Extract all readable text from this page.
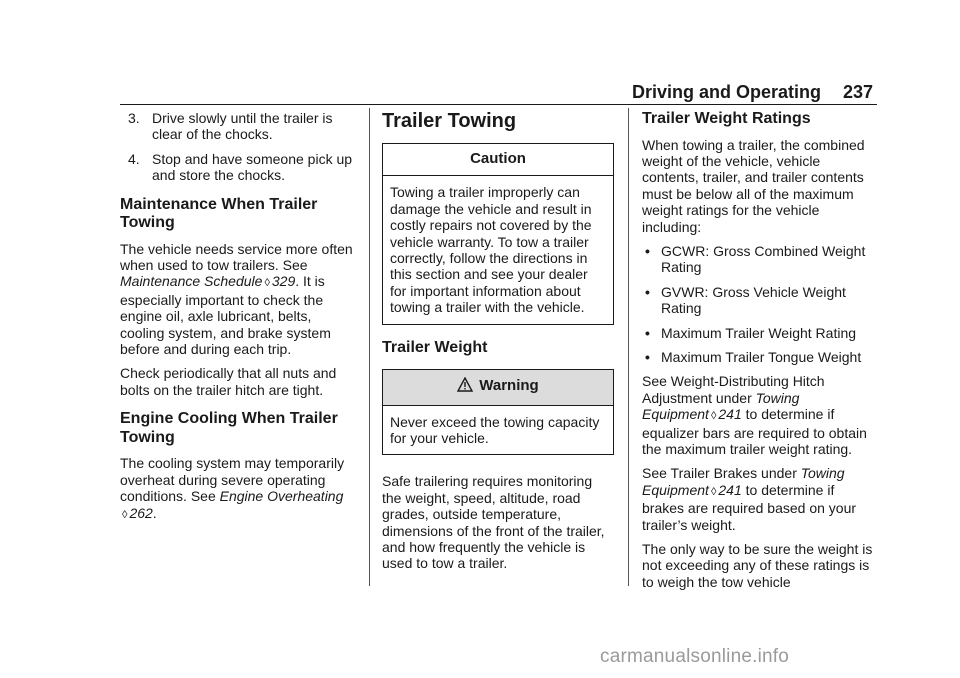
Driving and Operating 237
3. Drive slowly until the trailer is clear of the chocks.
4. Stop and have someone pick up and store the chocks.
Maintenance When Trailer Towing

The vehicle needs service more often when used to tow trailers. See Maintenance Schedule ◊ 329. It is especially important to check the engine oil, axle lubricant, belts, cooling system, and brake system before and during each trip.

Check periodically that all nuts and bolts on the trailer hitch are tight.

Engine Cooling When Trailer Towing

The cooling system may temporarily overheat during severe operating conditions. See Engine Overheating
◊ 262.

Trailer Towing
Caution
Towing a trailer improperly can damage the vehicle and result in costly repairs not covered by the vehicle warranty. To tow a trailer correctly, follow the directions in this section and see your dealer for important information about towing a trailer with the vehicle.
Trailer Weight
Warning
Never exceed the towing capacity for your vehicle.

Safe trailering requires monitoring the weight, speed, altitude, road grades, outside temperature, dimensions of the front of the trailer, and how frequently the vehicle is used to tow a trailer.

Trailer Weight Ratings

When towing a trailer, the combined weight of the vehicle, vehicle contents, trailer, and trailer contents must be below all of the maximum weight ratings for the vehicle including:

• GCWR: Gross Combined Weight Rating
• GVWR: Gross Vehicle Weight Rating
• Maximum Trailer Weight Rating
• Maximum Trailer Tongue Weight

See Weight-Distributing Hitch Adjustment under Towing Equipment ◊ 241 to determine if equalizer bars are required to obtain the maximum trailer weight rating.

See Trailer Brakes under Towing Equipment ◊ 241 to determine if brakes are required based on your trailer’s weight.

The only way to be sure the weight is not exceeding any of these ratings is to weigh the tow vehicle

carmanualsonline.info
